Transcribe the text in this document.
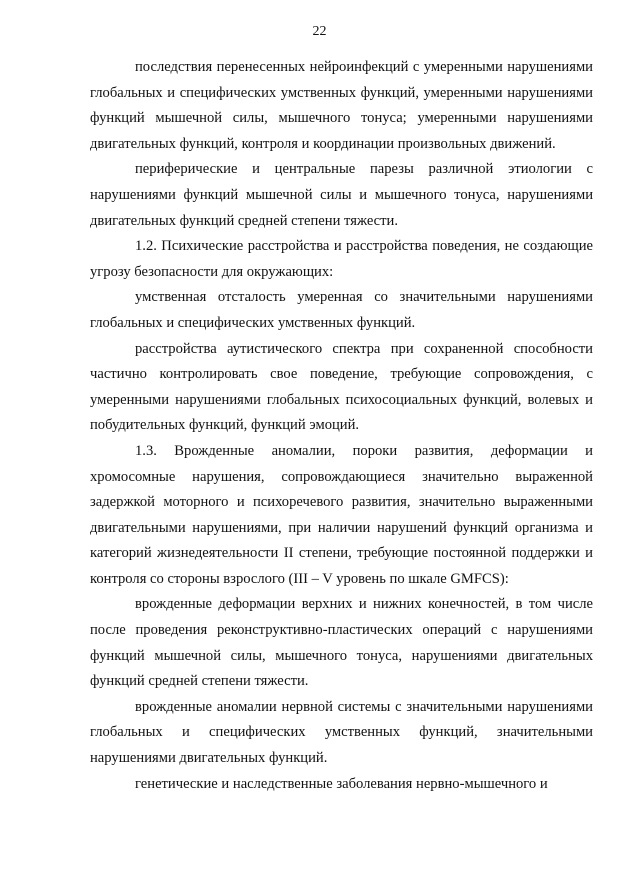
22

последствия перенесенных нейроинфекций с умеренными нарушениями глобальных и специфических умственных функций, умеренными нарушениями функций мышечной силы, мышечного тонуса; умеренными нарушениями двигательных функций, контроля и координации произвольных движений.

периферические и центральные парезы различной этиологии с нарушениями функций мышечной силы и мышечного тонуса, нарушениями двигательных функций средней степени тяжести.

1.2. Психические расстройства и расстройства поведения, не создающие угрозу безопасности для окружающих:

умственная отсталость умеренная со значительными нарушениями глобальных и специфических умственных функций.

расстройства аутистического спектра при сохраненной способности частично контролировать свое поведение, требующие сопровождения, с умеренными нарушениями глобальных психосоциальных функций, волевых и побудительных функций, функций эмоций.

1.3. Врожденные аномалии, пороки развития, деформации и хромосомные нарушения, сопровождающиеся значительно выраженной задержкой моторного и психоречевого развития, значительно выраженными двигательными нарушениями, при наличии нарушений функций организма и категорий жизнедеятельности II степени, требующие постоянной поддержки и контроля со стороны взрослого (III – V уровень по шкале GMFCS):

врожденные деформации верхних и нижних конечностей, в том числе после проведения реконструктивно-пластических операций с нарушениями функций мышечной силы, мышечного тонуса, нарушениями двигательных функций средней степени тяжести.

врожденные аномалии нервной системы с значительными нарушениями глобальных и специфических умственных функций, значительными нарушениями двигательных функций.

генетические и наследственные заболевания нервно-мышечного и
